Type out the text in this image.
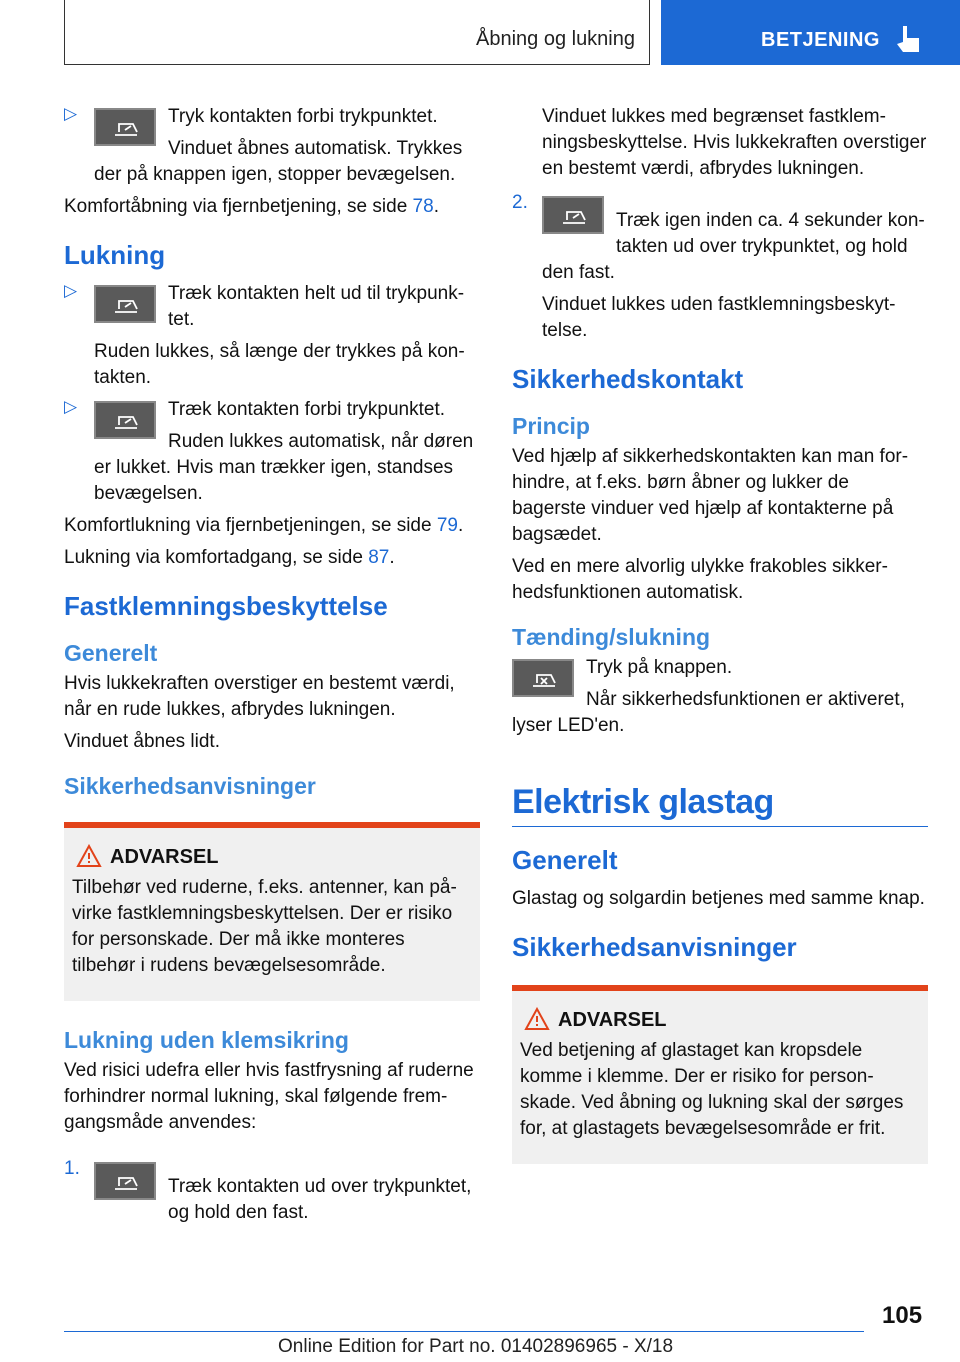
Åbning og lukning	BETJENING
▷	Tryk kontakten forbi trykpunktet.

Vinduet åbnes automatisk. Trykkes der på knappen igen, stopper bevægelsen.

Komfortåbning via fjernbetjening, se side 78.

Lukning
▷	Træk kontakten helt ud til trykpunktet.

Ruden lukkes, så længe der trykkes på kontakten.

▷	Træk kontakten forbi trykpunktet.

Ruden lukkes automatisk, når døren er lukket. Hvis man trækker igen, standses bevægelsen.

Komfortlukning via fjernbetjeningen, se side 79.

Lukning via komfortadgang, se side 87.

Fastklemningsbeskyttelse
Generelt

Hvis lukkekraften overstiger en bestemt værdi, når en rude lukkes, afbrydes lukningen.

Vinduet åbnes lidt.

Sikkerhedsanvisninger
ADVARSEL

Tilbehør ved ruderne, f.eks. antenner, kan påvirke fastklemningsbeskyttelsen. Der er risiko for personskade. Der må ikke monteres tilbehør i rudens bevægelsesområde.

Lukning uden klemsikring

Ved risici udefra eller hvis fastfrysning af ruderne forhindrer normal lukning, skal følgende fremgangsmåde anvendes:

1.

Træk kontakten ud over trykpunktet, og hold den fast.

Vinduet lukkes med begrænset fastklemningsbeskyttelse. Hvis lukkekraften overstiger en bestemt værdi, afbrydes lukningen.

2.

Træk igen inden ca. 4 sekunder kontakten ud over trykpunktet, og hold den fast.

Vinduet lukkes uden fastklemningsbeskyttelse.

Sikkerhedskontakt
Princip

Ved hjælp af sikkerhedskontakten kan man forhindre, at f.eks. børn åbner og lukker de bagerste vinduer ved hjælp af kontakterne på bagsædet.

Ved en mere alvorlig ulykke frakobles sikkerhedsfunktionen automatisk.

Tænding/slukning

Tryk på knappen.

Når sikkerhedsfunktionen er aktiveret, lyser LED'en.

Elektrisk glastag
Generelt

Glastag og solgardin betjenes med samme knap.

Sikkerhedsanvisninger
ADVARSEL

Ved betjening af glastaget kan kropsdele komme i klemme. Der er risiko for personskade. Ved åbning og lukning skal der sørges for, at glastagets bevægelsesområde er frit.

105
Online Edition for Part no. 01402896965 - X/18
